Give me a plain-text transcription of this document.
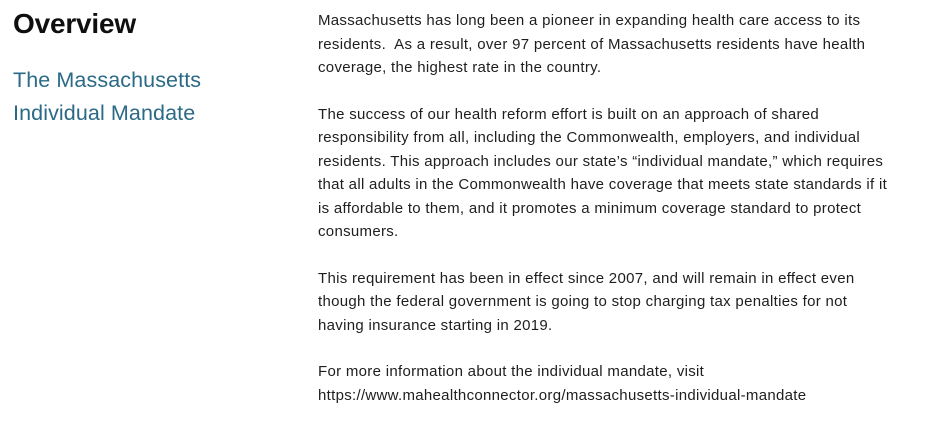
Overview
The Massachusetts Individual Mandate

Massachusetts has long been a pioneer in expanding health care access to its residents.  As a result, over 97 percent of Massachusetts residents have health coverage, the highest rate in the country.

The success of our health reform effort is built on an approach of shared responsibility from all, including the Commonwealth, employers, and individual residents. This approach includes our state’s “individual mandate,” which requires that all adults in the Commonwealth have coverage that meets state standards if it is affordable to them, and it promotes a minimum coverage standard to protect consumers.

This requirement has been in effect since 2007, and will remain in effect even though the federal government is going to stop charging tax penalties for not having insurance starting in 2019.

For more information about the individual mandate, visit https://www.mahealthconnector.org/massachusetts-individual-mandate
